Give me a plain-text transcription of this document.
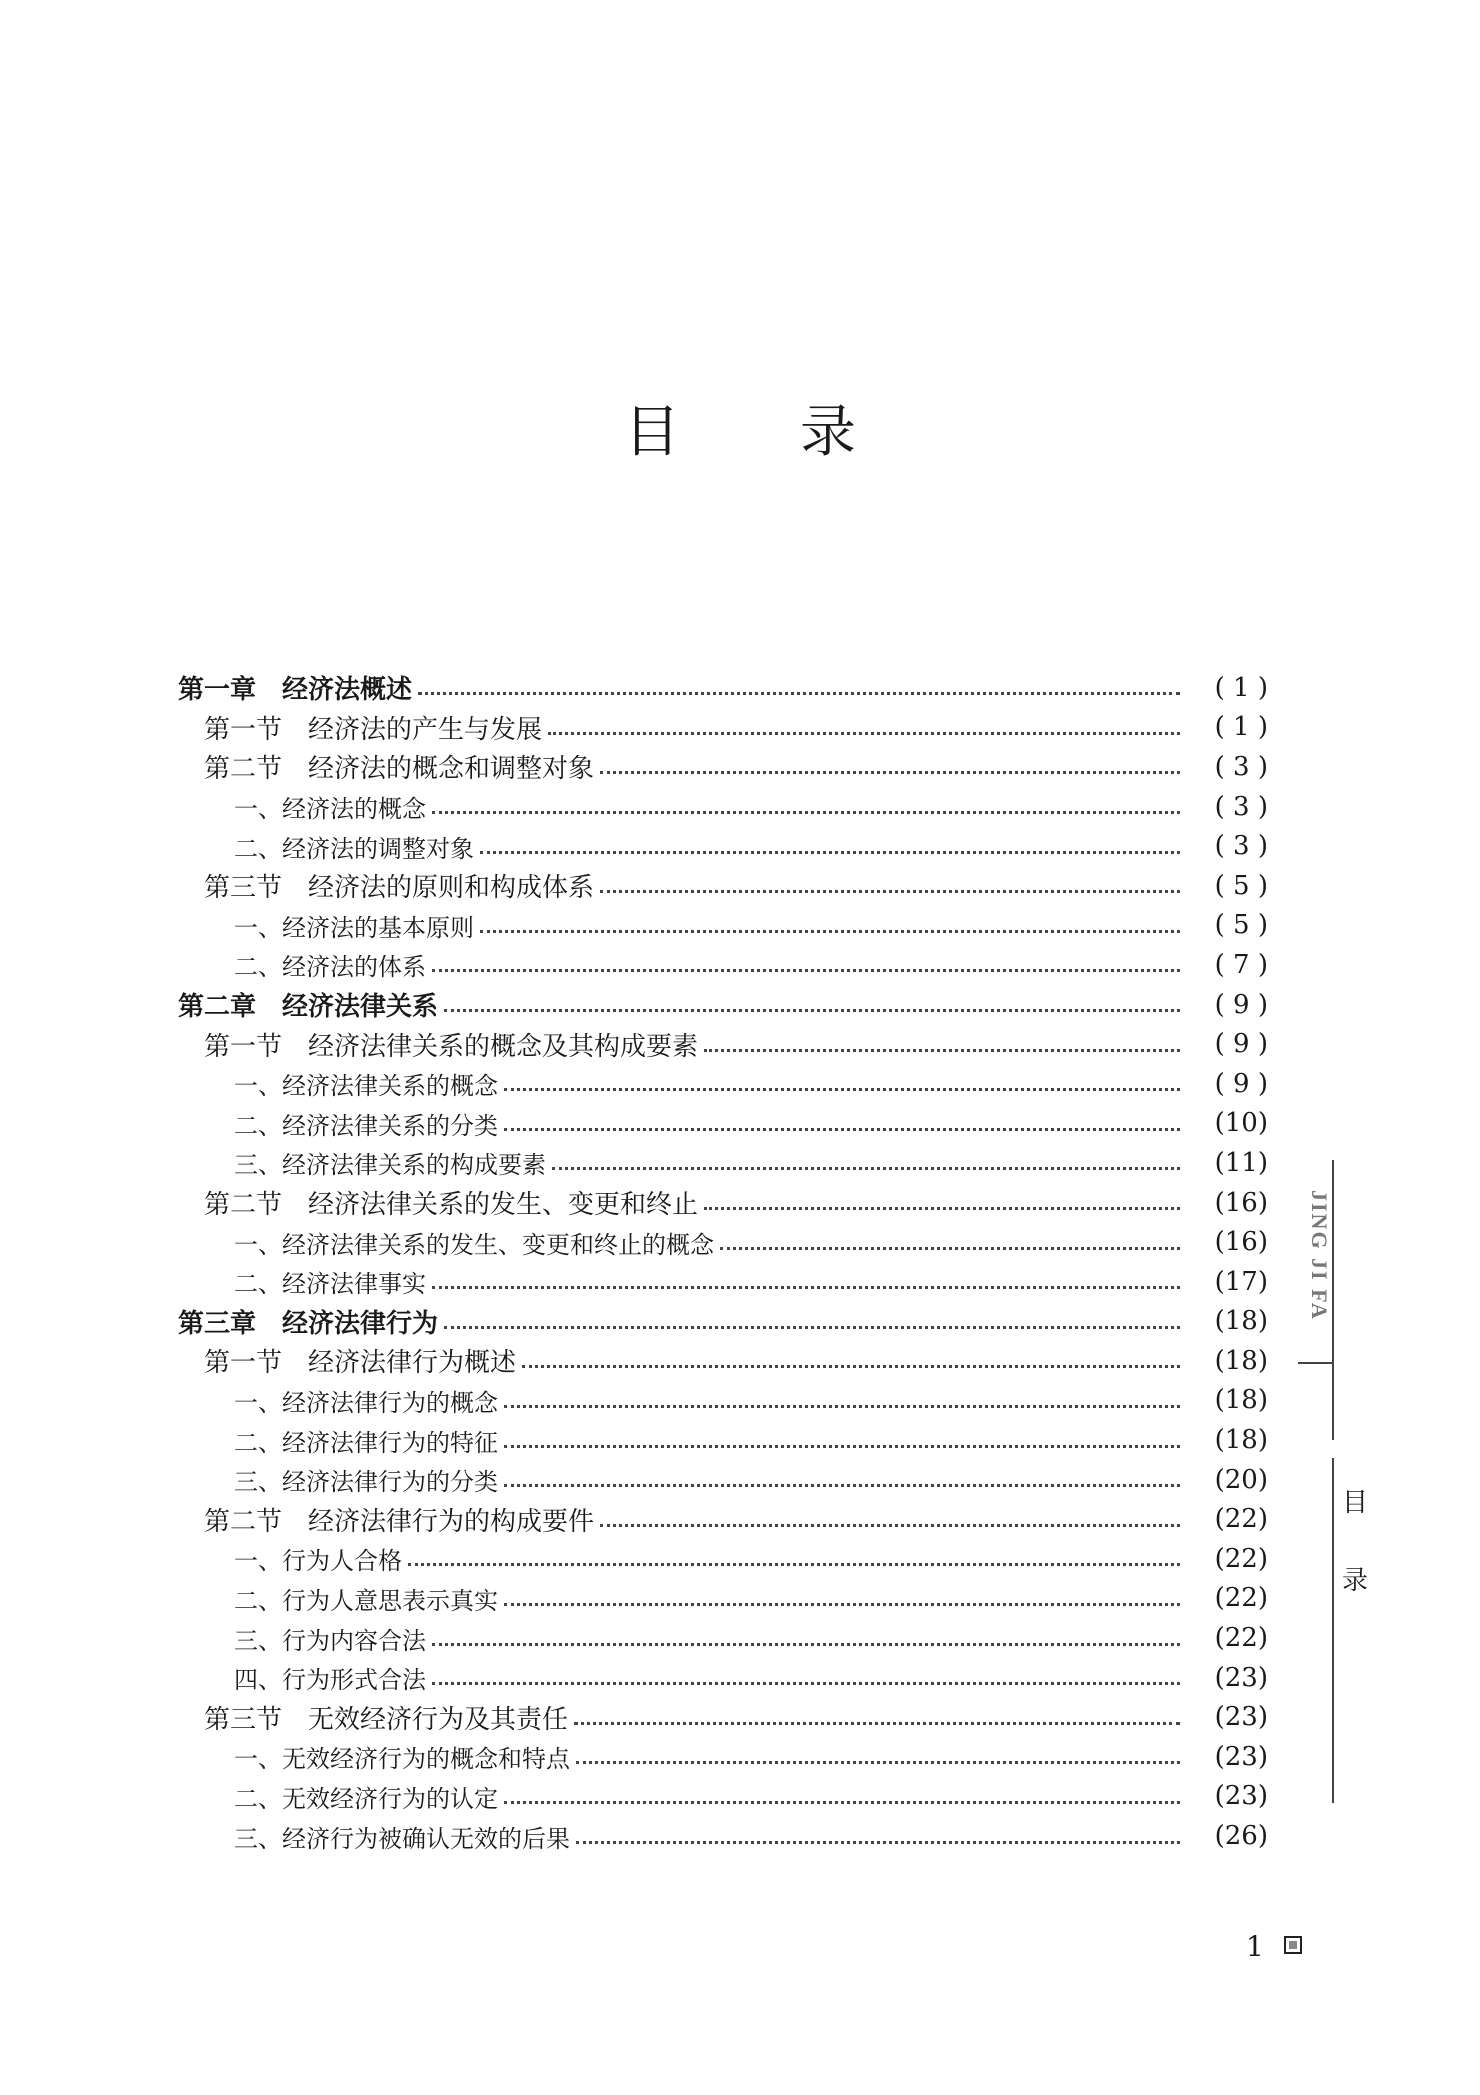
目 录
第一章　经济法概述	( 1 )
第一节　经济法的产生与发展	( 1 )
第二节　经济法的概念和调整对象	( 3 )
一、经济法的概念	( 3 )
二、经济法的调整对象	( 3 )
第三节　经济法的原则和构成体系	( 5 )
一、经济法的基本原则	( 5 )
二、经济法的体系	( 7 )
第二章　经济法律关系	( 9 )
第一节　经济法律关系的概念及其构成要素	( 9 )
一、经济法律关系的概念	( 9 )
二、经济法律关系的分类	(10)
三、经济法律关系的构成要素	(11)
第二节　经济法律关系的发生、变更和终止	(16)
一、经济法律关系的发生、变更和终止的概念	(16)
二、经济法律事实	(17)
第三章　经济法律行为	(18)
第一节　经济法律行为概述	(18)
一、经济法律行为的概念	(18)
二、经济法律行为的特征	(18)
三、经济法律行为的分类	(20)
第二节　经济法律行为的构成要件	(22)
一、行为人合格	(22)
二、行为人意思表示真实	(22)
三、行为内容合法	(22)
四、行为形式合法	(23)
第三节　无效经济行为及其责任	(23)
一、无效经济行为的概念和特点	(23)
二、无效经济行为的认定	(23)
三、经济行为被确认无效的后果	(26)
JING JI FA
目
录
1
